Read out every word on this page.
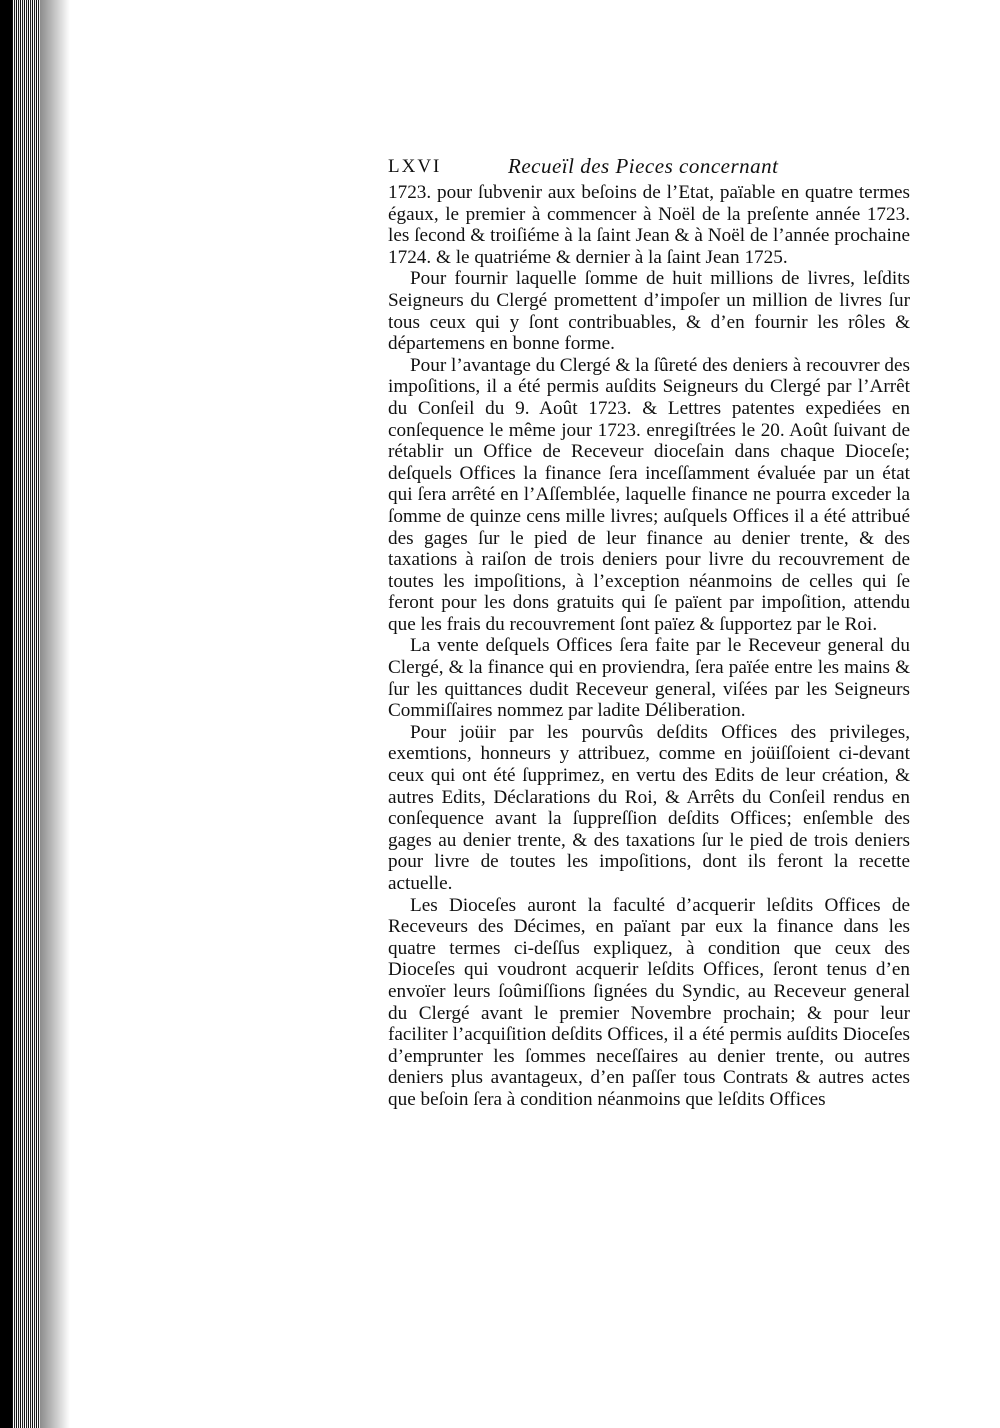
LXVI	Recueïl des Pieces concernant

1723. pour ſubvenir aux beſoins de l’Etat, païable en quatre termes égaux, le premier à commencer à Noël de la preſente année 1723. les ſecond & troiſiéme à la ſaint Jean & à Noël de l’année prochaine 1724. & le quatriéme & dernier à la ſaint Jean 1725.

Pour fournir laquelle ſomme de huit millions de livres, leſdits Seigneurs du Clergé promettent d’impoſer un million de livres ſur tous ceux qui y ſont contribuables, & d’en fournir les rôles & départemens en bonne forme.

Pour l’avantage du Clergé & la ſûreté des deniers à recouvrer des impoſitions, il a été permis auſdits Seigneurs du Clergé par l’Arrêt du Conſeil du 9. Août 1723. & Lettres patentes expediées en conſequence le même jour 1723. enregiſtrées le 20. Août ſuivant de rétablir un Office de Receveur dioceſain dans chaque Dioceſe; deſquels Offices la finance ſera inceſſamment évaluée par un état qui ſera arrêté en l’Aſſemblée, laquelle finance ne pourra exceder la ſomme de quinze cens mille livres; auſquels Offices il a été attribué des gages ſur le pied de leur finance au denier trente, & des taxations à raiſon de trois deniers pour livre du recouvrement de toutes les impoſitions, à l’exception néanmoins de celles qui ſe feront pour les dons gratuits qui ſe païent par impoſition, attendu que les frais du recouvrement ſont païez & ſupportez par le Roi.

La vente deſquels Offices ſera faite par le Receveur general du Clergé, & la finance qui en proviendra, ſera païée entre les mains & ſur les quittances dudit Receveur general, viſées par les Seigneurs Commiſſaires nommez par ladite Déliberation.

Pour joüir par les pourvûs deſdits Offices des privileges, exemtions, honneurs y attribuez, comme en joüiſſoient ci-devant ceux qui ont été ſupprimez, en vertu des Edits de leur création, & autres Edits, Déclarations du Roi, & Arrêts du Conſeil rendus en conſequence avant la ſuppreſſion deſdits Offices; enſemble des gages au denier trente, & des taxations ſur le pied de trois deniers pour livre de toutes les impoſitions, dont ils feront la recette actuelle.

Les Dioceſes auront la faculté d’acquerir leſdits Offices de Receveurs des Décimes, en païant par eux la finance dans les quatre termes ci-deſſus expliquez, à condition que ceux des Dioceſes qui voudront acquerir leſdits Offices, ſeront tenus d’en envoïer leurs ſoûmiſſions ſignées du Syndic, au Receveur general du Clergé avant le premier Novembre prochain; & pour leur faciliter l’acquiſition deſdits Offices, il a été permis auſdits Dioceſes d’emprunter les ſommes neceſſaires au denier trente, ou autres deniers plus avantageux, d’en paſſer tous Contrats & autres actes que beſoin ſera à condition néanmoins que leſdits Offices
